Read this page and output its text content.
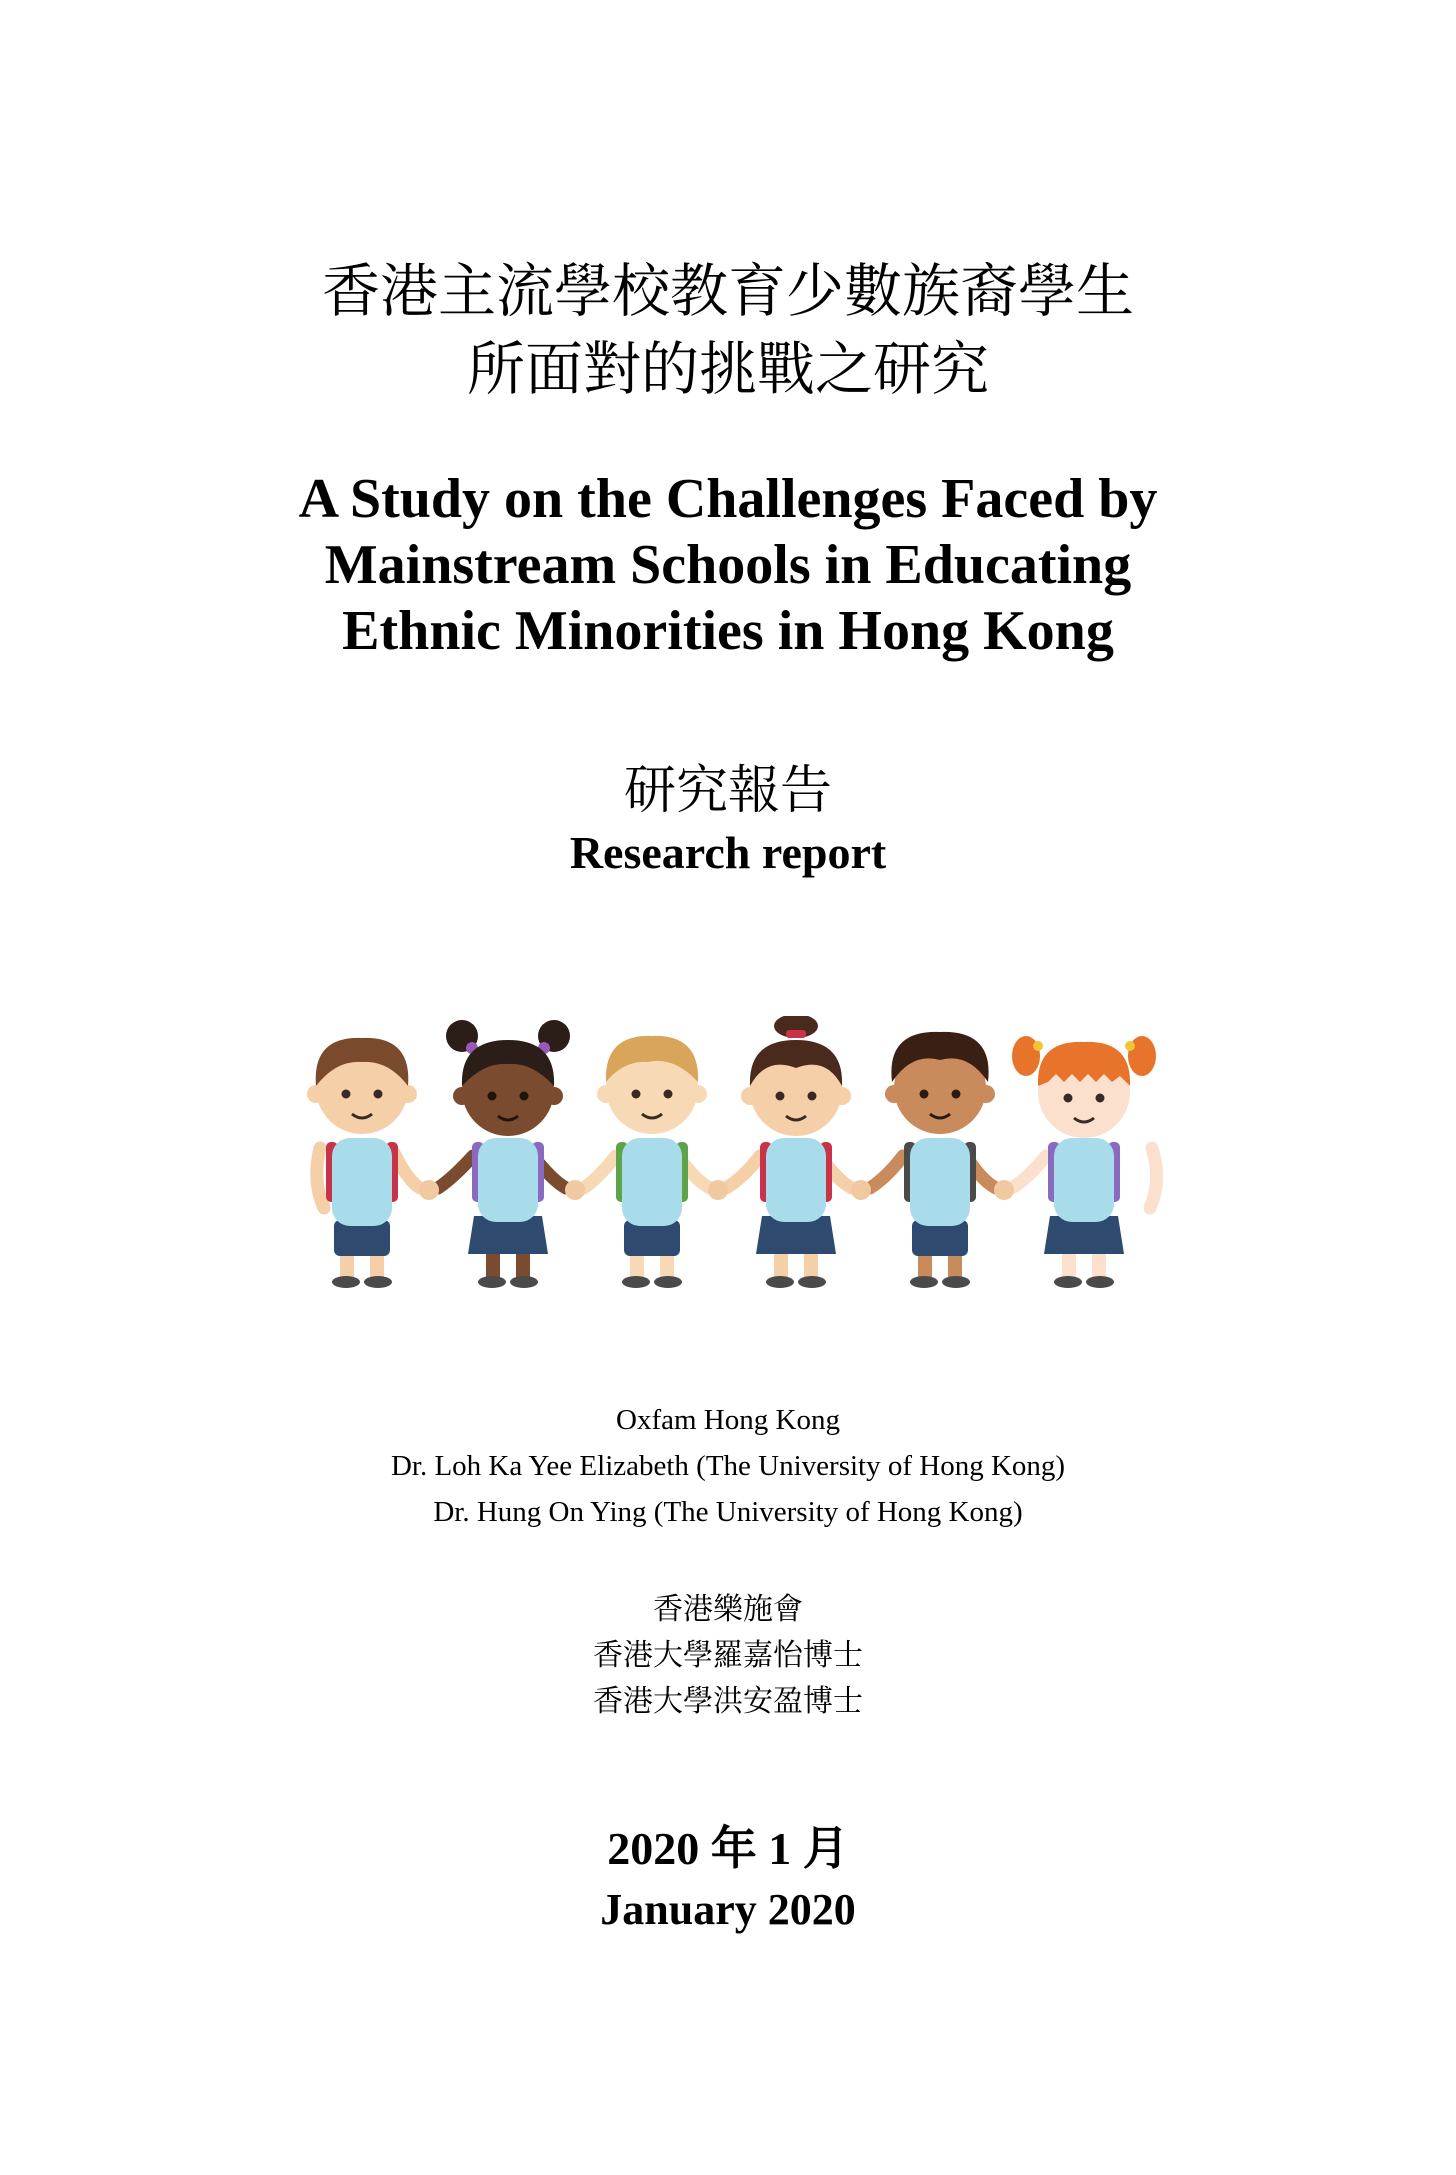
香港主流學校教育少數族裔學生
所面對的挑戰之研究
A Study on the Challenges Faced by
Mainstream Schools in Educating
Ethnic Minorities in Hong Kong
研究報告
Research report
Oxfam Hong Kong
Dr. Loh Ka Yee Elizabeth (The University of Hong Kong)
Dr. Hung On Ying (The University of Hong Kong)
香港樂施會
香港大學羅嘉怡博士
香港大學洪安盈博士
2020 年 1 月
January 2020
